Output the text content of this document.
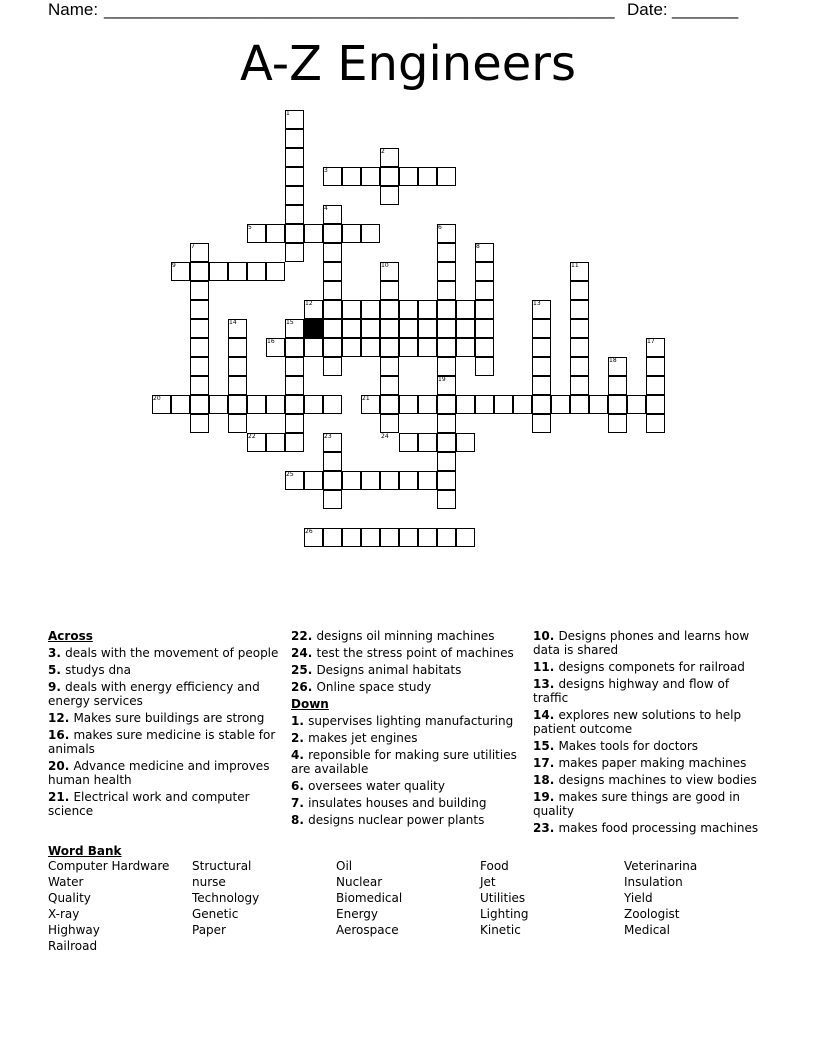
Name: ______________________________________________________ Date: _______
A-Z Engineers
1
2
3
4
5	6
7	8
9	10	11
12	13
14	15
16	17
18
19
20	21
22	23	24
25
26
Across
3. deals with the movement of people
5. studys dna
9. deals with energy efficiency and energy services
12. Makes sure buildings are strong
16. makes sure medicine is stable for animals
20. Advance medicine and improves human health
21. Electrical work and computer science
22. designs oil minning machines
24. test the stress point of machines
25. Designs animal habitats
26. Online space study
Down
1. supervises lighting manufacturing
2. makes jet engines
4. reponsible for making sure utilities are available
6. oversees water quality
7. insulates houses and building
8. designs nuclear power plants
10. Designs phones and learns how data is shared
11. designs componets for railroad
13. designs highway and flow of traffic
14. explores new solutions to help patient outcome
15. Makes tools for doctors
17. makes paper making machines
18. designs machines to view bodies
19. makes sure things are good in quality
23. makes food processing machines
Word Bank
Computer Hardware
Water
Quality
X-ray
Highway
Railroad
Structural
nurse
Technology
Genetic
Paper
Oil
Nuclear
Biomedical
Energy
Aerospace
Food
Jet
Utilities
Lighting
Kinetic
Veterinarina
Insulation
Yield
Zoologist
Medical
